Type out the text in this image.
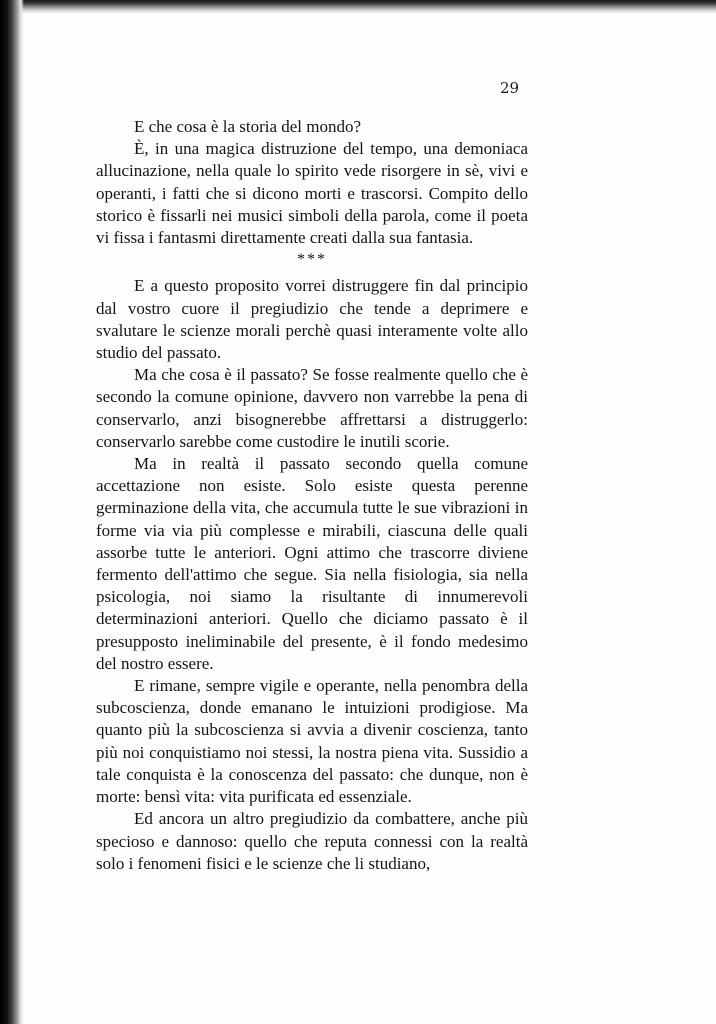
29

E che cosa è la storia del mondo?

È, in una magica distruzione del tempo, una demoniaca allucinazione, nella quale lo spirito vede risorgere in sè, vivi e operanti, i fatti che si dicono morti e trascorsi. Compito dello storico è fissarli nei musici simboli della parola, come il poeta vi fissa i fantasmi direttamente creati dalla sua fantasia.

***

E a questo proposito vorrei distruggere fin dal principio dal vostro cuore il pregiudizio che tende a deprimere e svalutare le scienze morali perchè quasi interamente volte allo studio del passato.

Ma che cosa è il passato? Se fosse realmente quello che è secondo la comune opinione, davvero non varrebbe la pena di conservarlo, anzi bisognerebbe affrettarsi a distruggerlo: conservarlo sarebbe come custodire le inutili scorie.

Ma in realtà il passato secondo quella comune accettazione non esiste. Solo esiste questa perenne germinazione della vita, che accumula tutte le sue vibrazioni in forme via via più complesse e mirabili, ciascuna delle quali assorbe tutte le anteriori. Ogni attimo che trascorre diviene fermento dell'attimo che segue. Sia nella fisiologia, sia nella psicologia, noi siamo la risultante di innumerevoli determinazioni anteriori. Quello che diciamo passato è il presupposto ineliminabile del presente, è il fondo medesimo del nostro essere.

E rimane, sempre vigile e operante, nella penombra della subcoscienza, donde emanano le intuizioni prodigiose. Ma quanto più la subcoscienza si avvia a divenir coscienza, tanto più noi conquistiamo noi stessi, la nostra piena vita. Sussidio a tale conquista è la conoscenza del passato: che dunque, non è morte: bensì vita: vita purificata ed essenziale.

Ed ancora un altro pregiudizio da combattere, anche più specioso e dannoso: quello che reputa connessi con la realtà solo i fenomeni fisici e le scienze che li studiano,
